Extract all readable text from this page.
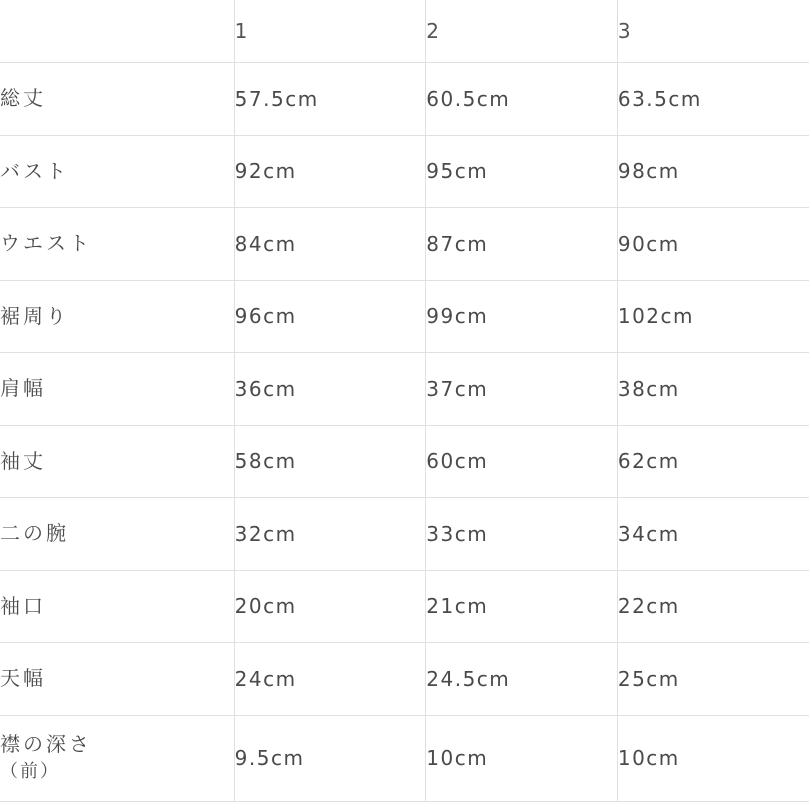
	1	2	3
総丈	57.5cm	60.5cm	63.5cm
バスト	92cm	95cm	98cm
ウエスト	84cm	87cm	90cm
裾周り	96cm	99cm	102cm
肩幅	36cm	37cm	38cm
袖丈	58cm	60cm	62cm
二の腕	32cm	33cm	34cm
袖口	20cm	21cm	22cm
天幅	24cm	24.5cm	25cm
襟の深さ
（前）	9.5cm	10cm	10cm
